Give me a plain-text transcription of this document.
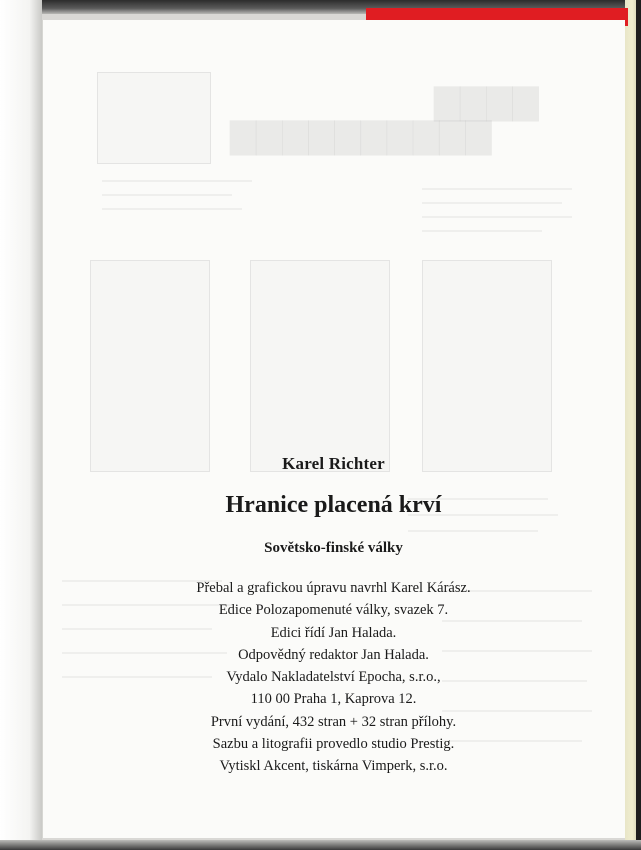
▇▇▇▇
▇▇▇▇▇▇▇▇▇▇
Karel Richter
Hranice placená krví
Sovětsko-finské války
Přebal a grafickou úpravu navrhl Karel Kárász.
Edice Polozapomenuté války, svazek 7.
Edici řídí Jan Halada.
Odpovědný redaktor Jan Halada.
Vydalo Nakladatelství Epocha, s.r.o.,
110 00 Praha 1, Kaprova 12.
První vydání, 432 stran + 32 stran přílohy.
Sazbu a litografii provedlo studio Prestig.
Vytiskl Akcent, tiskárna Vimperk, s.r.o.
